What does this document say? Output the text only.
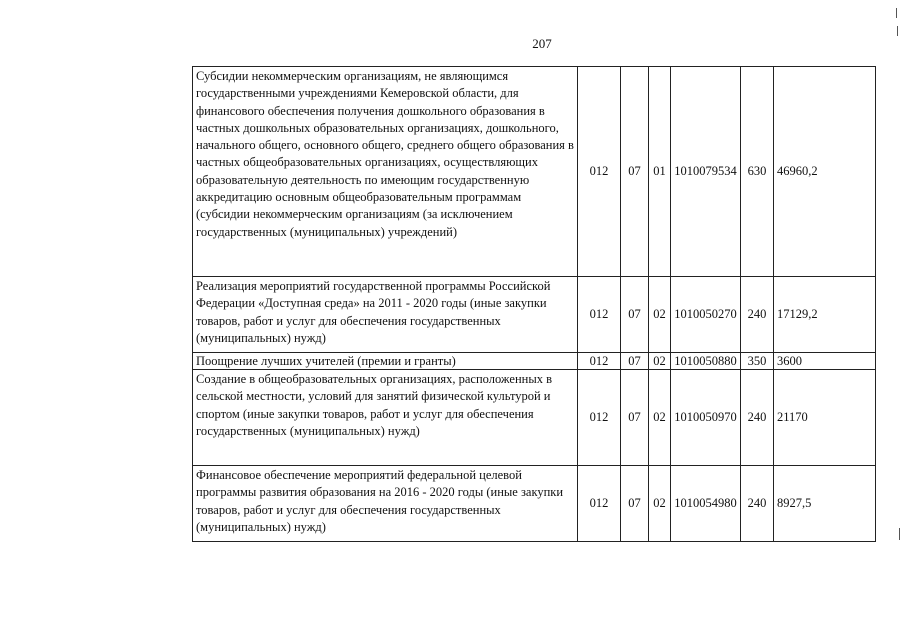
207
Субсидии некоммерческим организациям, не являющимся государственными учреждениями Кемеровской области, для финансового обеспечения получения дошкольного образования в частных дошкольных образовательных организациях, дошкольного, начального общего, основного общего, среднего общего образования в частных общеобразовательных организациях, осуществляющих образовательную деятельность по имеющим государственную аккредитацию основным общеобразовательным программам (субсидии некоммерческим организациям (за исключением государственных (муниципальных) учреждений)	012	07	01	1010079534	630	46960,2
Реализация мероприятий государственной программы Российской Федерации «Доступная среда» на 2011 - 2020 годы (иные закупки товаров, работ и услуг для обеспечения государственных (муниципальных) нужд)	012	07	02	1010050270	240	17129,2
Поощрение лучших учителей (премии и гранты)	012	07	02	1010050880	350	3600
Создание в общеобразовательных организациях, расположенных в сельской местности, условий для занятий физической культурой и спортом (иные закупки товаров, работ и услуг для обеспечения государственных (муниципальных) нужд)	012	07	02	1010050970	240	21170
Финансовое обеспечение мероприятий федеральной целевой программы развития образования на 2016 - 2020 годы (иные закупки товаров, работ и услуг для обеспечения государственных (муниципальных) нужд)	012	07	02	1010054980	240	8927,5
